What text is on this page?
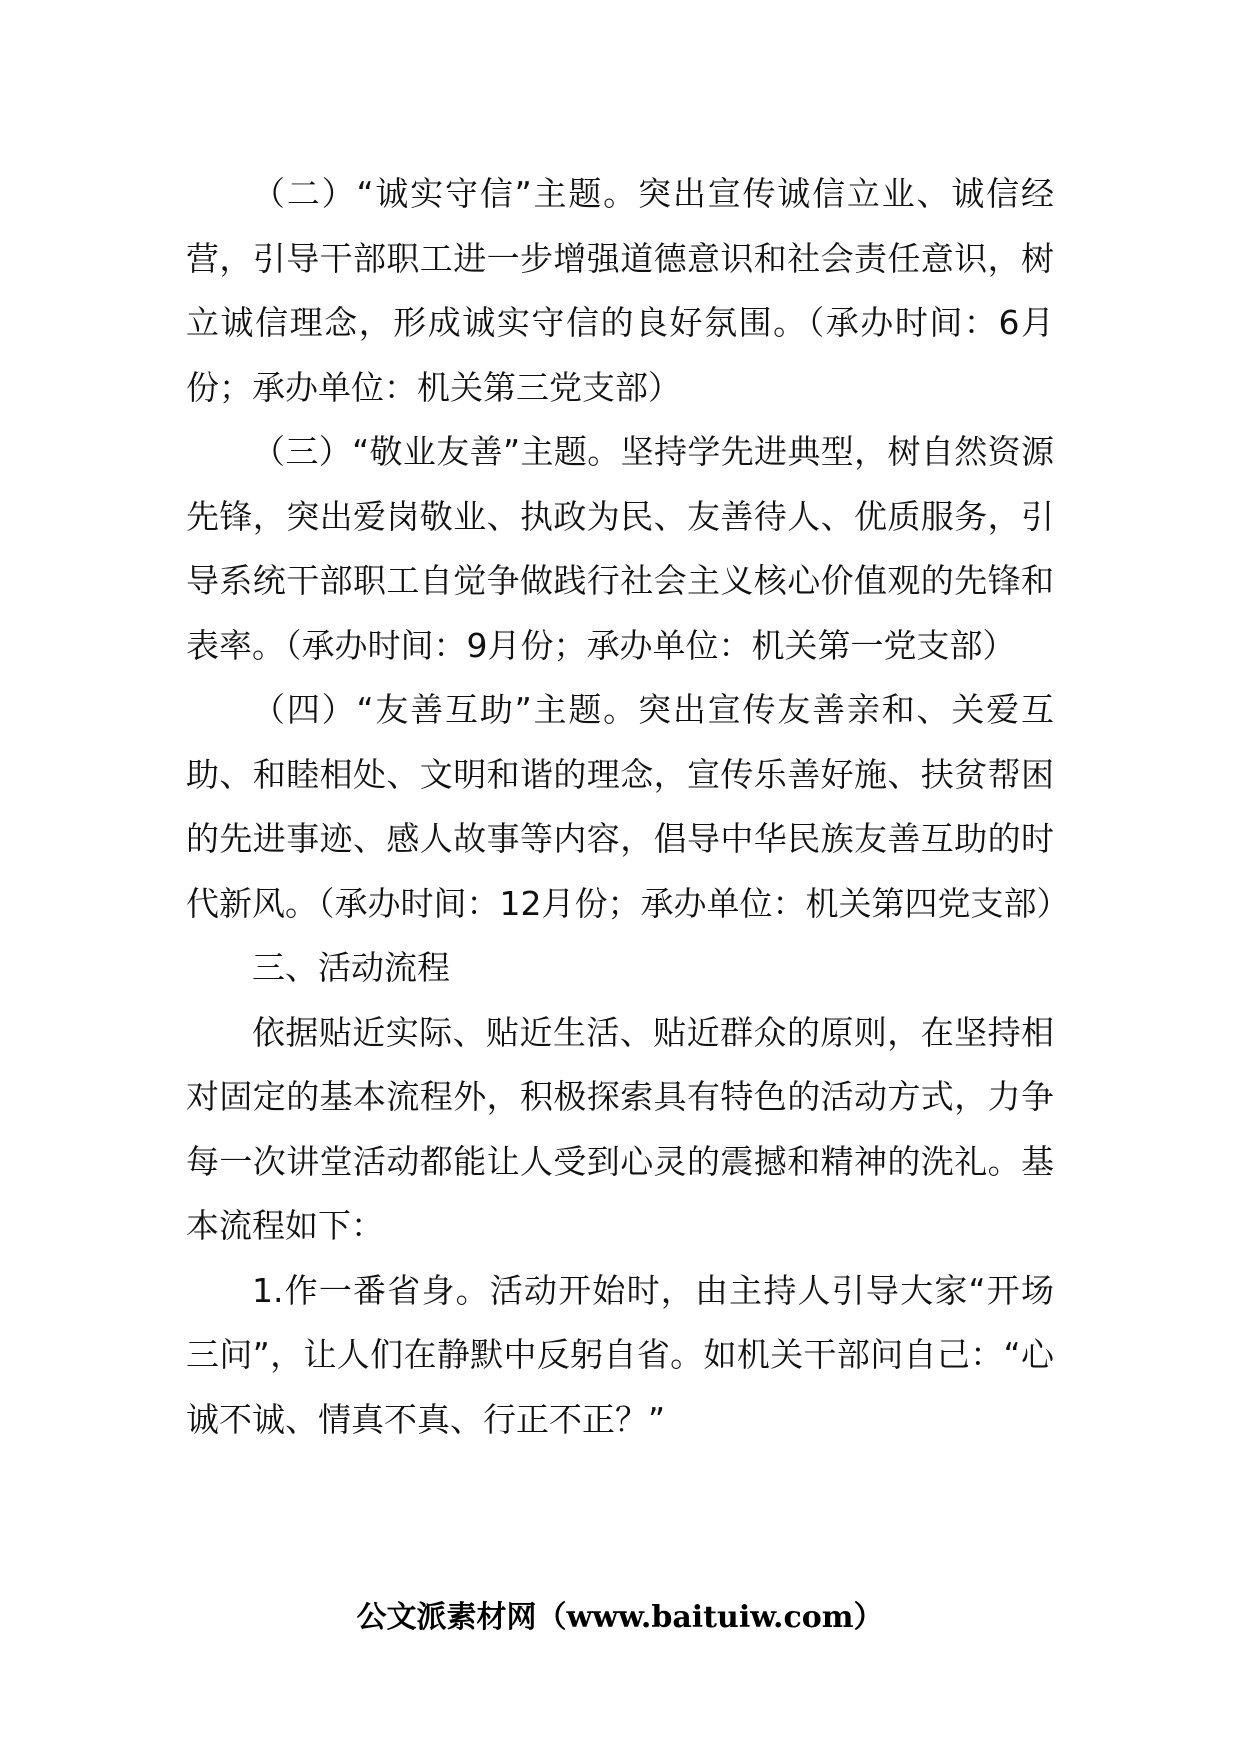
（二）“诚实守信”主题。突出宣传诚信立业、诚信经营，引导干部职工进一步增强道德意识和社会责任意识，树立诚信理念，形成诚实守信的良好氛围。（承办时间：6月份；承办单位：机关第三党支部）

（三）“敬业友善”主题。坚持学先进典型，树自然资源先锋，突出爱岗敬业、执政为民、友善待人、优质服务，引导系统干部职工自觉争做践行社会主义核心价值观的先锋和表率。（承办时间：9月份；承办单位：机关第一党支部）

（四）“友善互助”主题。突出宣传友善亲和、关爱互助、和睦相处、文明和谐的理念，宣传乐善好施、扶贫帮困的先进事迹、感人故事等内容，倡导中华民族友善互助的时代新风。（承办时间：12月份；承办单位：机关第四党支部）

三、活动流程

依据贴近实际、贴近生活、贴近群众的原则，在坚持相对固定的基本流程外，积极探索具有特色的活动方式，力争每一次讲堂活动都能让人受到心灵的震撼和精神的洗礼。基本流程如下：

1.作一番省身。活动开始时，由主持人引导大家“开场三问”，让人们在静默中反躬自省。如机关干部问自己：“心诚不诚、情真不真、行正不正？”

公文派素材网（www.baituiw.com）
